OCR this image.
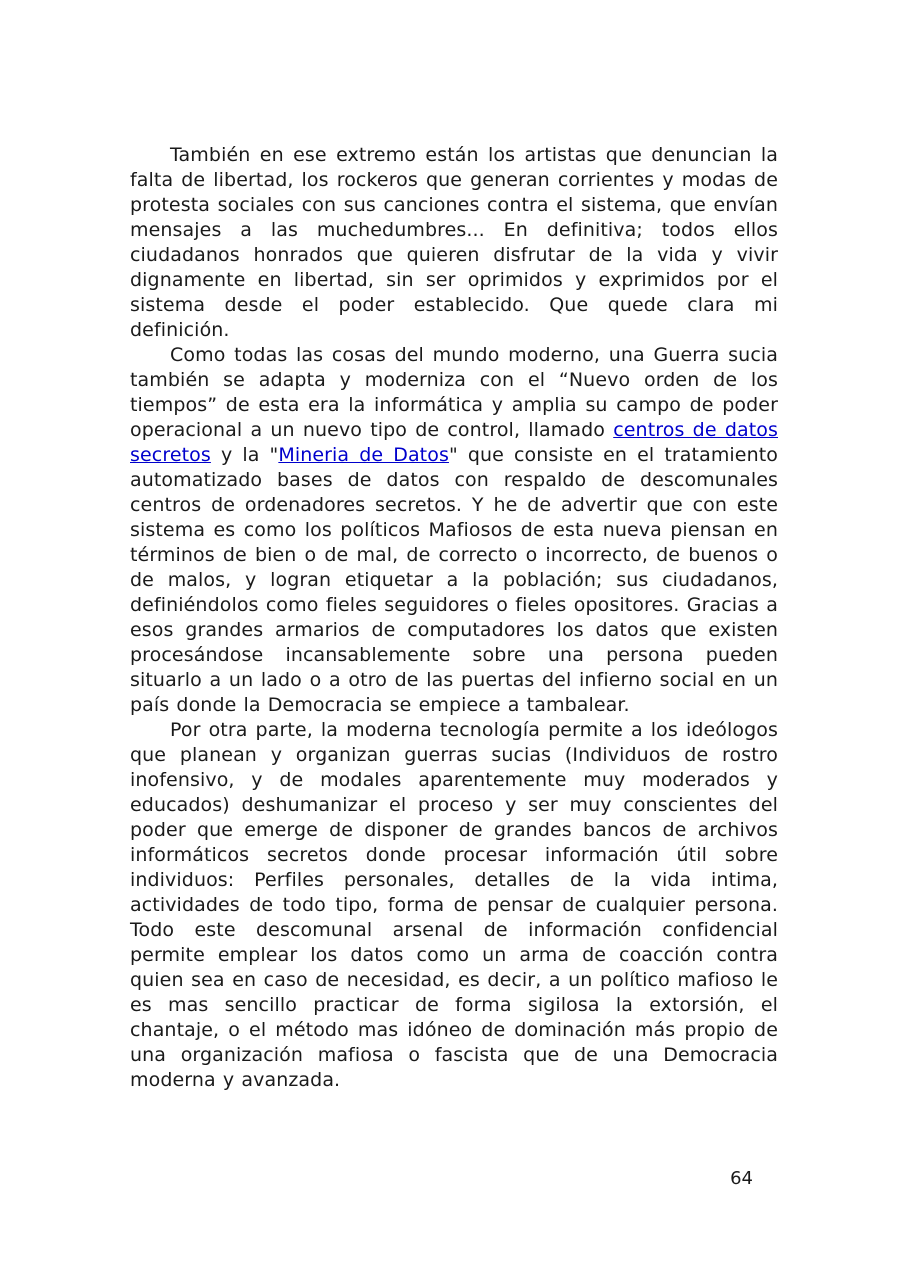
También en ese extremo están los artistas que denuncian la falta de libertad, los rockeros que generan corrientes y modas de protesta sociales con sus canciones contra el sistema, que envían mensajes a las muchedumbres... En definitiva; todos ellos ciudadanos honrados que quieren disfrutar de la vida y vivir dignamente en libertad, sin ser oprimidos y exprimidos por el sistema desde el poder establecido. Que quede clara mi definición.

Como todas las cosas del mundo moderno, una Guerra sucia también se adapta y moderniza con el “Nuevo orden de los tiempos” de esta era la informática y amplia su campo de poder operacional a un nuevo tipo de control, llamado centros de datos secretos y la "Mineria de Datos" que consiste en el tratamiento automatizado bases de datos con respaldo de descomunales centros de ordenadores secretos. Y he de advertir que con este sistema es como los políticos Mafiosos de esta nueva piensan en términos de bien o de mal, de correcto o incorrecto, de buenos o de malos, y logran etiquetar a la población; sus ciudadanos, definiéndolos como fieles seguidores o fieles opositores. Gracias a esos grandes armarios de computadores los datos que existen procesándose incansablemente sobre una persona pueden situarlo a un lado o a otro de las puertas del infierno social en un país donde la Democracia se empiece a tambalear.

Por otra parte, la moderna tecnología permite a los ideólogos que planean y organizan guerras sucias (Individuos de rostro inofensivo, y de modales aparentemente muy moderados y educados) deshumanizar el proceso y ser muy conscientes del poder que emerge de disponer de grandes bancos de archivos informáticos secretos donde procesar información útil sobre individuos: Perfiles personales, detalles de la vida intima, actividades de todo tipo, forma de pensar de cualquier persona. Todo este descomunal arsenal de información confidencial permite emplear los datos como un arma de coacción contra quien sea en caso de necesidad, es decir, a un político mafioso le es mas sencillo practicar de forma sigilosa la extorsión, el chantaje, o el método mas idóneo de dominación más propio de una organización mafiosa o fascista que de una Democracia moderna y avanzada.

64
